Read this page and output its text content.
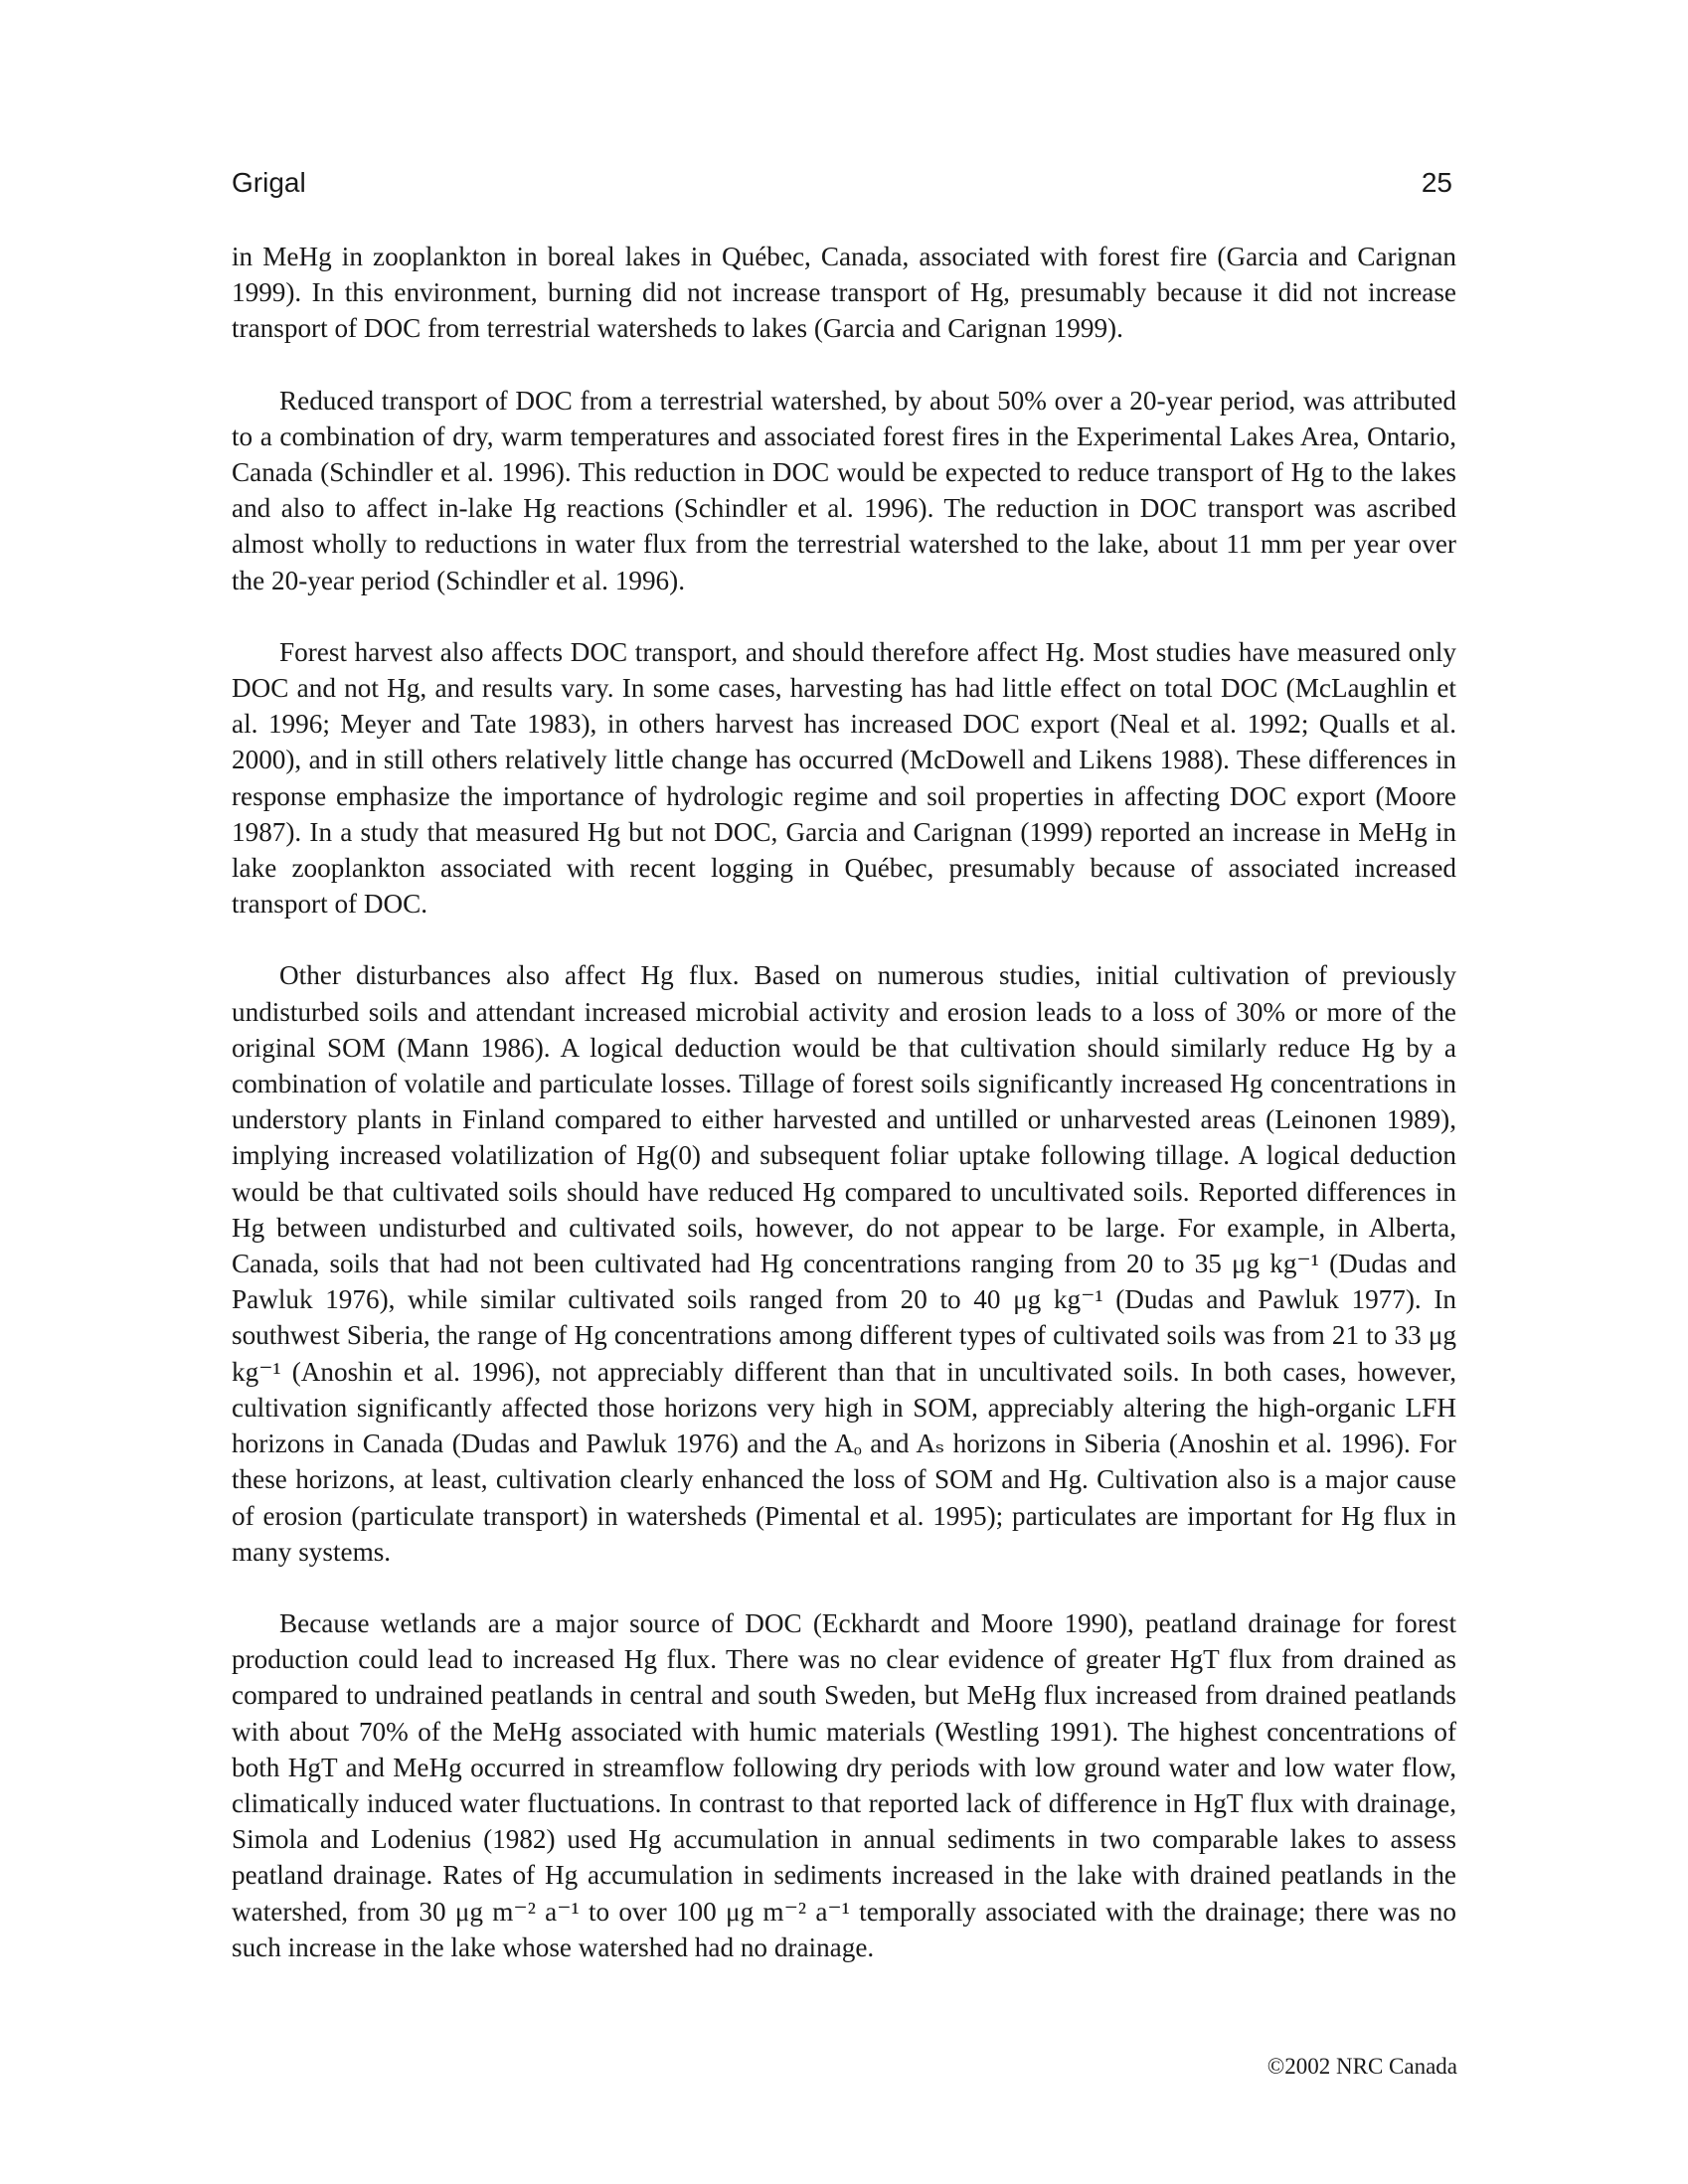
Grigal	25

in MeHg in zooplankton in boreal lakes in Québec, Canada, associated with forest fire (Garcia and Carignan 1999). In this environment, burning did not increase transport of Hg, presumably because it did not increase transport of DOC from terrestrial watersheds to lakes (Garcia and Carignan 1999).

Reduced transport of DOC from a terrestrial watershed, by about 50% over a 20-year period, was attributed to a combination of dry, warm temperatures and associated forest fires in the Experimental Lakes Area, Ontario, Canada (Schindler et al. 1996). This reduction in DOC would be expected to reduce transport of Hg to the lakes and also to affect in-lake Hg reactions (Schindler et al. 1996). The reduction in DOC transport was ascribed almost wholly to reductions in water flux from the terrestrial watershed to the lake, about 11 mm per year over the 20-year period (Schindler et al. 1996).

Forest harvest also affects DOC transport, and should therefore affect Hg. Most studies have measured only DOC and not Hg, and results vary. In some cases, harvesting has had little effect on total DOC (McLaughlin et al. 1996; Meyer and Tate 1983), in others harvest has increased DOC export (Neal et al. 1992; Qualls et al. 2000), and in still others relatively little change has occurred (McDowell and Likens 1988). These differences in response emphasize the importance of hydrologic regime and soil properties in affecting DOC export (Moore 1987). In a study that measured Hg but not DOC, Garcia and Carignan (1999) reported an increase in MeHg in lake zooplankton associated with recent logging in Québec, presumably because of associated increased transport of DOC.

Other disturbances also affect Hg flux. Based on numerous studies, initial cultivation of previously undisturbed soils and attendant increased microbial activity and erosion leads to a loss of 30% or more of the original SOM (Mann 1986). A logical deduction would be that cultivation should similarly reduce Hg by a combination of volatile and particulate losses. Tillage of forest soils significantly increased Hg concentrations in understory plants in Finland compared to either harvested and untilled or unharvested areas (Leinonen 1989), implying increased volatilization of Hg(0) and subsequent foliar uptake following tillage. A logical deduction would be that cultivated soils should have reduced Hg compared to uncultivated soils. Reported differences in Hg between undisturbed and cultivated soils, however, do not appear to be large. For example, in Alberta, Canada, soils that had not been cultivated had Hg concentrations ranging from 20 to 35 μg kg⁻¹ (Dudas and Pawluk 1976), while similar cultivated soils ranged from 20 to 40 μg kg⁻¹ (Dudas and Pawluk 1977). In southwest Siberia, the range of Hg concentrations among different types of cultivated soils was from 21 to 33 μg kg⁻¹ (Anoshin et al. 1996), not appreciably different than that in uncultivated soils. In both cases, however, cultivation significantly affected those horizons very high in SOM, appreciably altering the high-organic LFH horizons in Canada (Dudas and Pawluk 1976) and the Aₒ and Aₛ horizons in Siberia (Anoshin et al. 1996). For these horizons, at least, cultivation clearly enhanced the loss of SOM and Hg. Cultivation also is a major cause of erosion (particulate transport) in watersheds (Pimental et al. 1995); particulates are important for Hg flux in many systems.

Because wetlands are a major source of DOC (Eckhardt and Moore 1990), peatland drainage for forest production could lead to increased Hg flux. There was no clear evidence of greater HgT flux from drained as compared to undrained peatlands in central and south Sweden, but MeHg flux increased from drained peatlands with about 70% of the MeHg associated with humic materials (Westling 1991). The highest concentrations of both HgT and MeHg occurred in streamflow following dry periods with low ground water and low water flow, climatically induced water fluctuations. In contrast to that reported lack of difference in HgT flux with drainage, Simola and Lodenius (1982) used Hg accumulation in annual sediments in two comparable lakes to assess peatland drainage. Rates of Hg accumulation in sediments increased in the lake with drained peatlands in the watershed, from 30 μg m⁻² a⁻¹ to over 100 μg m⁻² a⁻¹ temporally associated with the drainage; there was no such increase in the lake whose watershed had no drainage.

©2002 NRC Canada
